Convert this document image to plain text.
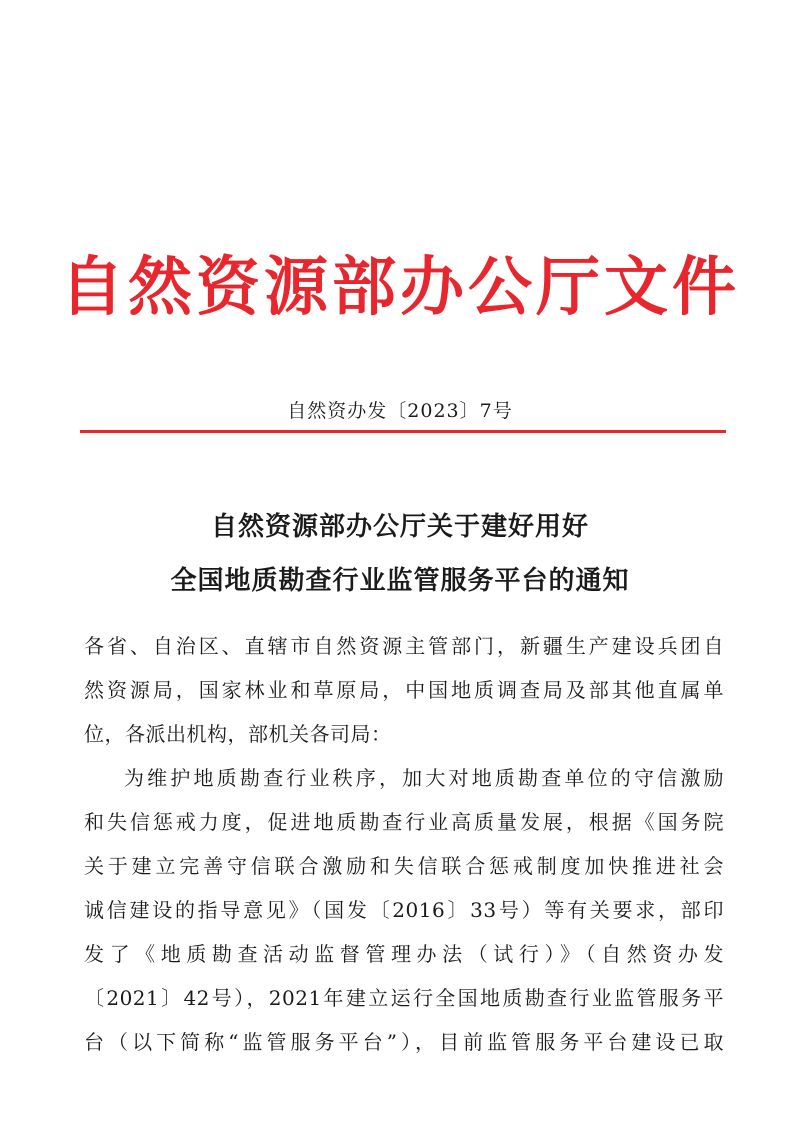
自然资源部办公厅文件
自然资办发〔2023〕7号
自然资源部办公厅关于建好用好
全国地质勘查行业监管服务平台的通知
各省、自治区、直辖市自然资源主管部门，新疆生产建设兵团自
然资源局，国家林业和草原局，中国地质调查局及部其他直属单
位，各派出机构，部机关各司局：
为维护地质勘查行业秩序，加大对地质勘查单位的守信激励
和失信惩戒力度，促进地质勘查行业高质量发展，根据《国务院
关于建立完善守信联合激励和失信联合惩戒制度加快推进社会
诚信建设的指导意见》（国发〔2016〕33号）等有关要求，部印
发了《地质勘查活动监督管理办法（试行）》（自然资办发
〔2021〕42号），2021年建立运行全国地质勘查行业监管服务平
台（以下简称“监管服务平台”），目前监管服务平台建设已取
